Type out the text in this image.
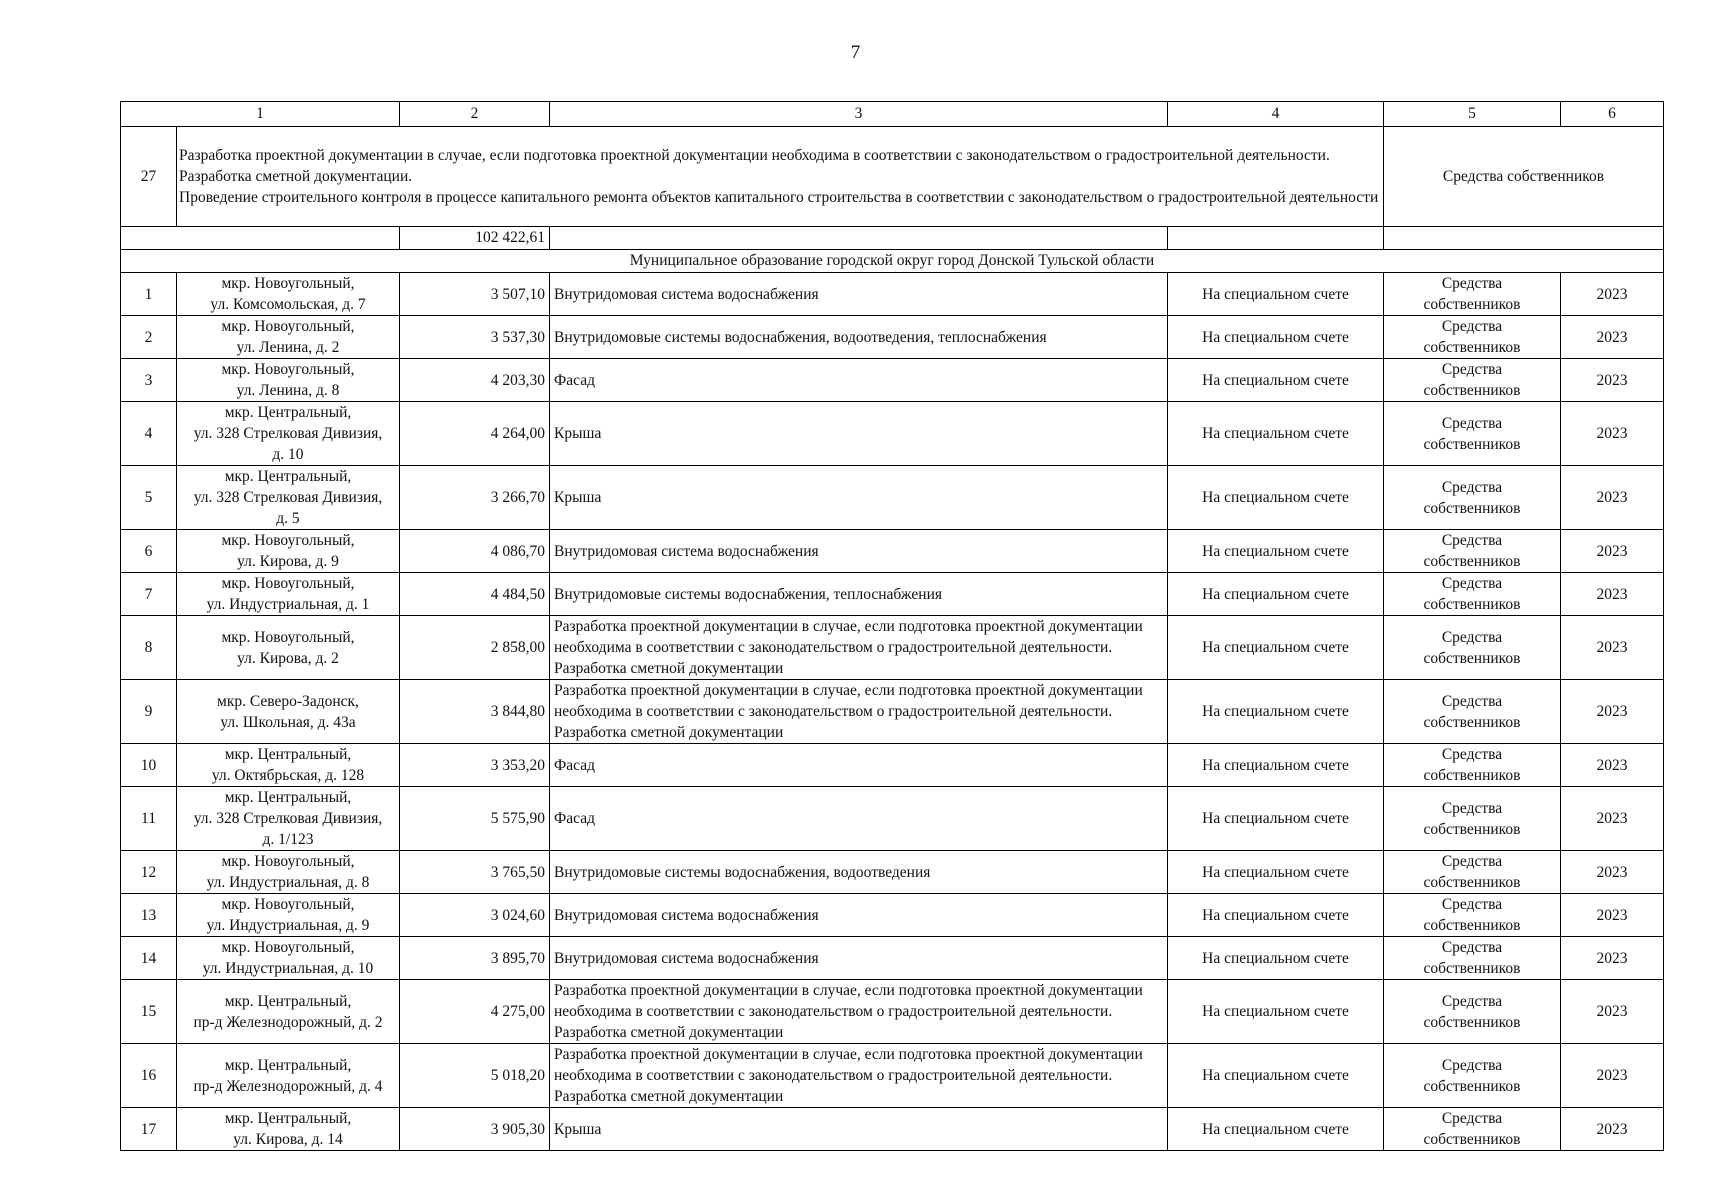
7
1		2	3	4	5	6
27	Разработка проектной документации в случае, если подготовка проектной документации необходима в соответствии с законодательством о градостроительной деятельности.
Разработка сметной документации.
Проведение строительного контроля в процессе капитального ремонта объектов капитального строительства в соответствии с законодательством о градостроительной деятельности				Средства собственников	
		102 422,61				
Муниципальное образование городской округ город Донской Тульской области						
1	мкр. Новоугольный,
ул. Комсомольская, д. 7	3 507,10	Внутридомовая система водоснабжения	На специальном счете	Средства
собственников	2023
2	мкр. Новоугольный,
ул. Ленина, д. 2	3 537,30	Внутридомовые системы водоснабжения, водоотведения, теплоснабжения	На специальном счете	Средства
собственников	2023
3	мкр. Новоугольный,
ул. Ленина, д. 8	4 203,30	Фасад	На специальном счете	Средства
собственников	2023
4	мкр. Центральный,
ул. 328 Стрелковая Дивизия,
д. 10	4 264,00	Крыша	На специальном счете	Средства
собственников	2023
5	мкр. Центральный,
ул. 328 Стрелковая Дивизия,
д. 5	3 266,70	Крыша	На специальном счете	Средства
собственников	2023
6	мкр. Новоугольный,
ул. Кирова, д. 9	4 086,70	Внутридомовая система водоснабжения	На специальном счете	Средства
собственников	2023
7	мкр. Новоугольный,
ул. Индустриальная, д. 1	4 484,50	Внутридомовые системы водоснабжения, теплоснабжения	На специальном счете	Средства
собственников	2023
8	мкр. Новоугольный,
ул. Кирова, д. 2	2 858,00	Разработка проектной документации в случае, если подготовка проектной документации необходима в соответствии с законодательством о градостроительной деятельности. Разработка сметной документации	На специальном счете	Средства
собственников	2023
9	мкр. Северо-Задонск,
ул. Школьная, д. 43а	3 844,80	Разработка проектной документации в случае, если подготовка проектной документации необходима в соответствии с законодательством о градостроительной деятельности. Разработка сметной документации	На специальном счете	Средства
собственников	2023
10	мкр. Центральный,
ул. Октябрьская, д. 128	3 353,20	Фасад	На специальном счете	Средства
собственников	2023
11	мкр. Центральный,
ул. 328 Стрелковая Дивизия,
д. 1/123	5 575,90	Фасад	На специальном счете	Средства
собственников	2023
12	мкр. Новоугольный,
ул. Индустриальная, д. 8	3 765,50	Внутридомовые системы водоснабжения, водоотведения	На специальном счете	Средства
собственников	2023
13	мкр. Новоугольный,
ул. Индустриальная, д. 9	3 024,60	Внутридомовая система водоснабжения	На специальном счете	Средства
собственников	2023
14	мкр. Новоугольный,
ул. Индустриальная, д. 10	3 895,70	Внутридомовая система водоснабжения	На специальном счете	Средства
собственников	2023
15	мкр. Центральный,
пр-д Железнодорожный, д. 2	4 275,00	Разработка проектной документации в случае, если подготовка проектной документации необходима в соответствии с законодательством о градостроительной деятельности. Разработка сметной документации	На специальном счете	Средства
собственников	2023
16	мкр. Центральный,
пр-д Железнодорожный, д. 4	5 018,20	Разработка проектной документации в случае, если подготовка проектной документации необходима в соответствии с законодательством о градостроительной деятельности. Разработка сметной документации	На специальном счете	Средства
собственников	2023
17	мкр. Центральный,
ул. Кирова, д. 14	3 905,30	Крыша	На специальном счете	Средства
собственников	2023
